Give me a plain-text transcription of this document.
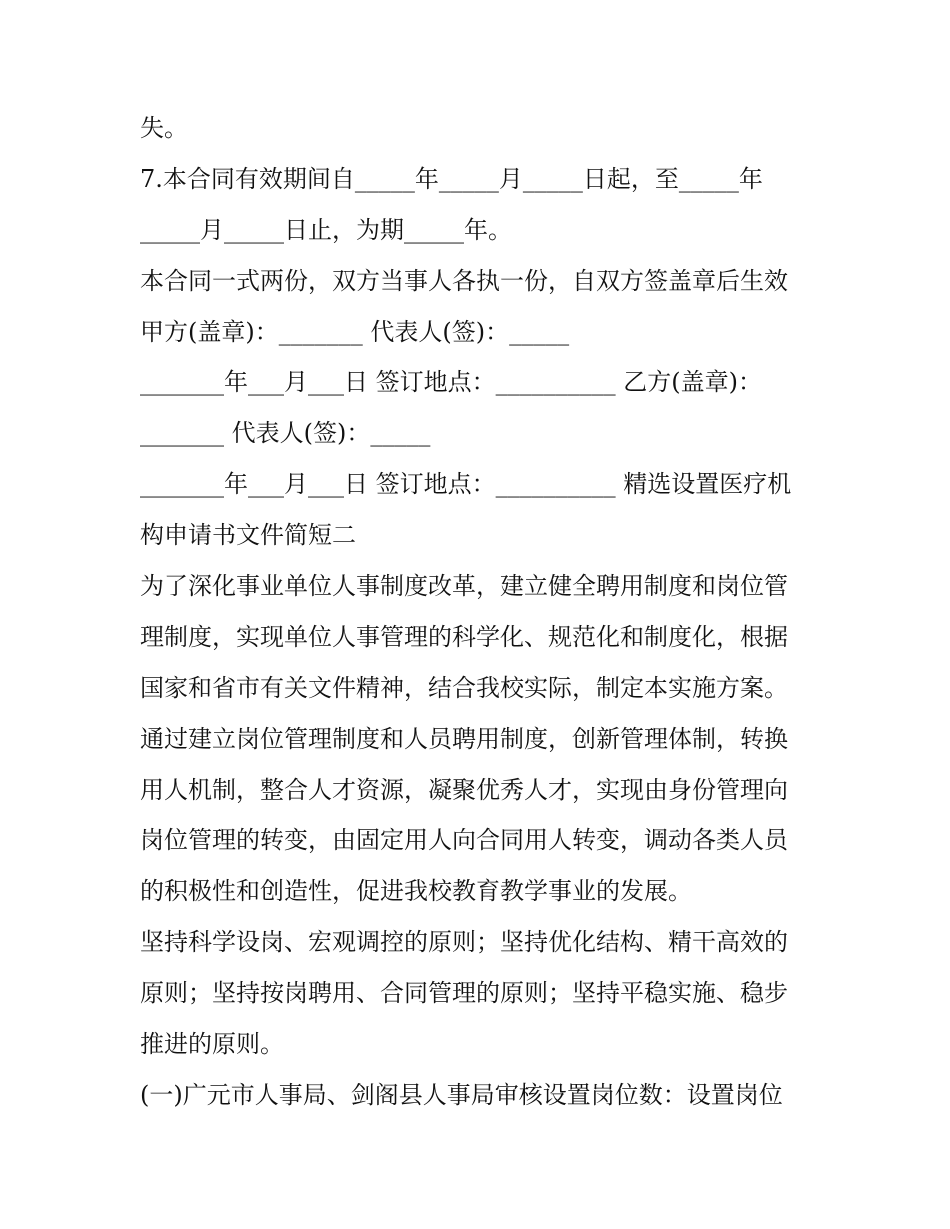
失。
7.本合同有效期间自_____年_____月_____日起，至_____年
_____月_____日止，为期_____年。
本合同一式两份，双方当事人各执一份，自双方签盖章后生效
甲方(盖章)：_______ 代表人(签)：_____
_______年___月___日 签订地点：__________ 乙方(盖章)：
_______ 代表人(签)：_____
_______年___月___日 签订地点：__________ 精选设置医疗机
构申请书文件简短二
为了深化事业单位人事制度改革，建立健全聘用制度和岗位管
理制度，实现单位人事管理的科学化、规范化和制度化，根据
国家和省市有关文件精神，结合我校实际，制定本实施方案。
通过建立岗位管理制度和人员聘用制度，创新管理体制，转换
用人机制，整合人才资源，凝聚优秀人才，实现由身份管理向
岗位管理的转变，由固定用人向合同用人转变，调动各类人员
的积极性和创造性，促进我校教育教学事业的发展。
坚持科学设岗、宏观调控的原则；坚持优化结构、精干高效的
原则；坚持按岗聘用、合同管理的原则；坚持平稳实施、稳步
推进的原则。
(一)广元市人事局、剑阁县人事局审核设置岗位数：设置岗位
